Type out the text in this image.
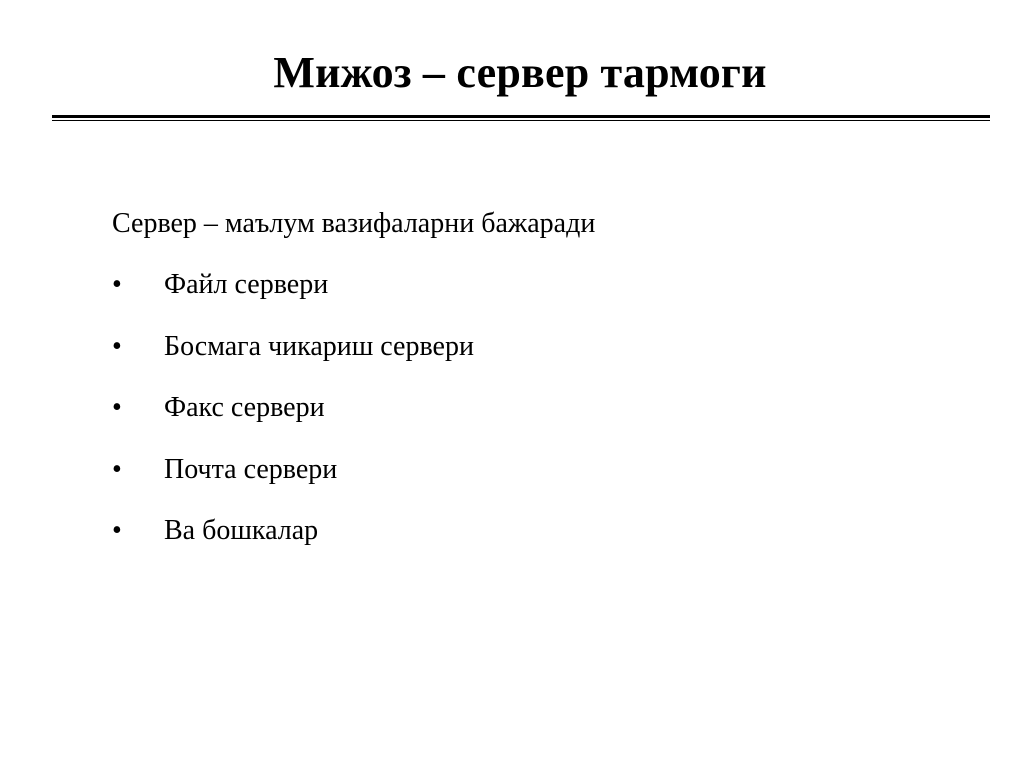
Мижоз – сервер тармоги
Сервер – маълум вазифаларни бажаради
•	Файл сервери
•	Босмага чикариш сервери
•	Факс сервери
•	Почта сервери
•	Ва бошкалар
